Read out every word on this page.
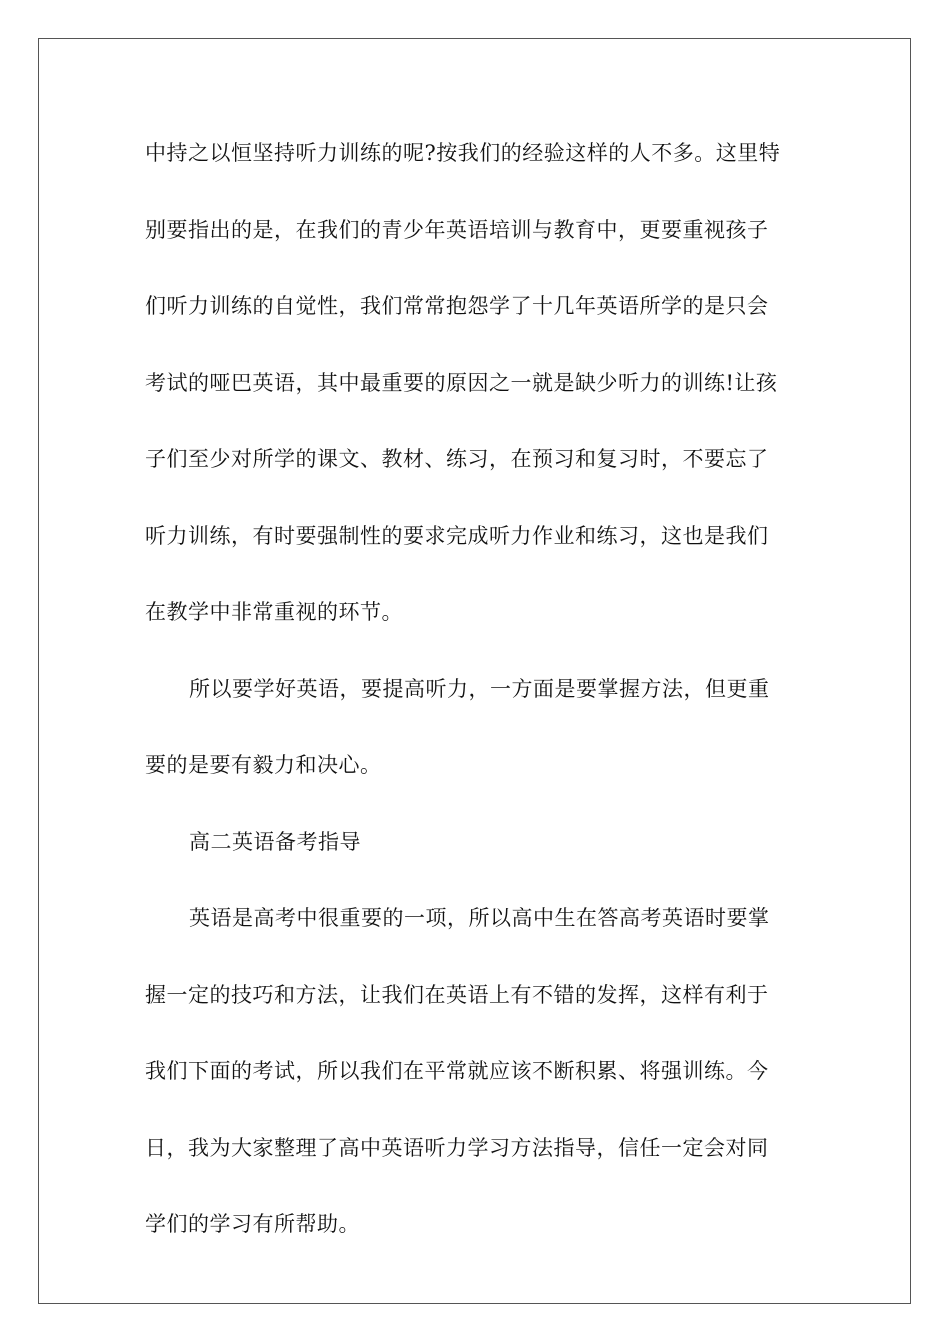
中持之以恒坚持听力训练的呢?按我们的经验这样的人不多。这里特
别要指出的是，在我们的青少年英语培训与教育中，更要重视孩子
们听力训练的自觉性，我们常常抱怨学了十几年英语所学的是只会
考试的哑巴英语，其中最重要的原因之一就是缺少听力的训练!让孩
子们至少对所学的课文、教材、练习，在预习和复习时，不要忘了
听力训练，有时要强制性的要求完成听力作业和练习，这也是我们
在教学中非常重视的环节。
所以要学好英语，要提高听力，一方面是要掌握方法，但更重
要的是要有毅力和决心。
高二英语备考指导
英语是高考中很重要的一项，所以高中生在答高考英语时要掌
握一定的技巧和方法，让我们在英语上有不错的发挥，这样有利于
我们下面的考试，所以我们在平常就应该不断积累、将强训练。今
日，我为大家整理了高中英语听力学习方法指导，信任一定会对同
学们的学习有所帮助。
